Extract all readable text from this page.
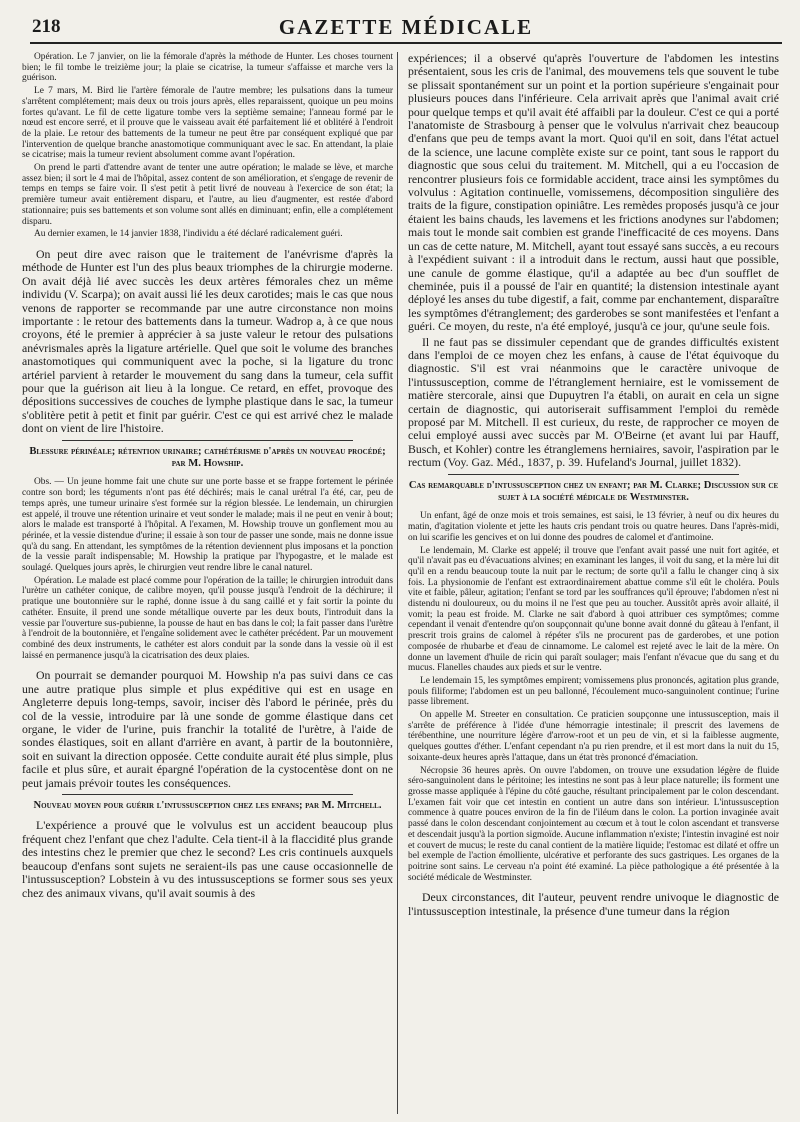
218	GAZETTE MÉDICALE

Opération. Le 7 janvier, on lie la fémorale d'après la méthode de Hunter. Les choses tournent bien; le fil tombe le treizième jour; la plaie se cicatrise, la tumeur s'affaisse et marche vers la guérison.

Le 7 mars, M. Bird lie l'artère fémorale de l'autre membre; les pulsations dans la tumeur s'arrêtent complétement; mais deux ou trois jours après, elles reparaissent, quoique un peu moins fortes qu'avant. Le fil de cette ligature tombe vers la septième semaine; l'anneau formé par le nœud est encore serré, et il prouve que le vaisseau avait été parfaitement lié et oblitéré à l'endroit de la plaie. Le retour des battements de la tumeur ne peut être par conséquent expliqué que par l'intervention de quelque branche anastomotique communiquant avec le sac. En attendant, la plaie se cicatrise; mais la tumeur revient absolument comme avant l'opération.

On prend le parti d'attendre avant de tenter une autre opération; le malade se lève, et marche assez bien; il sort le 4 mai de l'hôpital, assez content de son amélioration, et s'engage de revenir de temps en temps se faire voir. Il s'est petit à petit livré de nouveau à l'exercice de son état; la première tumeur avait entièrement disparu, et l'autre, au lieu d'augmenter, est restée d'abord stationnaire; puis ses battements et son volume sont allés en diminuant; enfin, elle a complétement disparu.

Au dernier examen, le 14 janvier 1838, l'individu a été déclaré radicalement guéri.

On peut dire avec raison que le traitement de l'anévrisme d'après la méthode de Hunter est l'un des plus beaux triomphes de la chirurgie moderne. On avait déjà lié avec succès les deux artères fémorales chez un même individu (V. Scarpa); on avait aussi lié les deux carotides; mais le cas que nous venons de rapporter se recommande par une autre circonstance non moins importante : le retour des battements dans la tumeur. Wadrop a, à ce que nous croyons, été le premier à apprécier à sa juste valeur le retour des pulsations anévrismales après la ligature artérielle. Quel que soit le volume des branches anastomotiques qui communiquent avec la poche, si la ligature du tronc artériel parvient à retarder le mouvement du sang dans la tumeur, cela suffit pour que la guérison ait lieu à la longue. Ce retard, en effet, provoque des dépositions successives de couches de lymphe plastique dans le sac, la tumeur s'oblitère petit à petit et finit par guérir. C'est ce qui est arrivé chez le malade dont on vient de lire l'histoire.

Blessure périnéale; rétention urinaire; cathétérisme d'après un nouveau procédé; par M. Howship.

Obs. — Un jeune homme fait une chute sur une porte basse et se frappe fortement le périnée contre son bord; les téguments n'ont pas été déchirés; mais le canal urétral l'a été, car, peu de temps après, une tumeur urinaire s'est formée sur la région blessée. Le lendemain, un chirurgien est appelé, il trouve une rétention urinaire et veut sonder le malade; mais il ne peut en venir à bout; alors le malade est transporté à l'hôpital. A l'examen, M. Howship trouve un gonflement mou au périnée, et la vessie distendue d'urine; il essaie à son tour de passer une sonde, mais ne donne issue qu'à du sang. En attendant, les symptômes de la rétention deviennent plus imposans et la ponction de la vessie paraît indispensable; M. Howship la pratique par l'hypogastre, et le malade est soulagé. Quelques jours après, le chirurgien veut rendre libre le canal naturel.

Opération. Le malade est placé comme pour l'opération de la taille; le chirurgien introduit dans l'urètre un cathéter conique, de calibre moyen, qu'il pousse jusqu'à l'endroit de la déchirure; il pratique une boutonnière sur le raphé, donne issue à du sang caillé et y fait sortir la pointe du cathéter. Ensuite, il prend une sonde métallique ouverte par les deux bouts, l'introduit dans la vessie par l'ouverture sus-pubienne, la pousse de haut en bas dans le col; la fait passer dans l'urètre à l'endroit de la boutonnière, et l'engaîne solidement avec le cathéter précédent. Par un mouvement combiné des deux instruments, le cathéter est alors conduit par la sonde dans la vessie où il est laissé en permanence jusqu'à la cicatrisation des deux plaies.

On pourrait se demander pourquoi M. Howship n'a pas suivi dans ce cas une autre pratique plus simple et plus expéditive qui est en usage en Angleterre depuis long-temps, savoir, inciser dès l'abord le périnée, près du col de la vessie, introduire par là une sonde de gomme élastique dans cet organe, le vider de l'urine, puis franchir la totalité de l'urètre, à l'aide de sondes élastiques, soit en allant d'arrière en avant, à partir de la boutonnière, soit en suivant la direction opposée. Cette conduite aurait été plus simple, plus facile et plus sûre, et aurait épargné l'opération de la cystocentèse dont on ne peut jamais prévoir toutes les conséquences.

Nouveau moyen pour guérir l'intussusception chez les enfans; par M. Mitchell.

L'expérience a prouvé que le volvulus est un accident beaucoup plus fréquent chez l'enfant que chez l'adulte. Cela tient-il à la flaccidité plus grande des intestins chez le premier que chez le second? Les cris continuels auxquels beaucoup d'enfans sont sujets ne seraient-ils pas une cause occasionnelle de l'intussusception? Lobstein à vu des intussusceptions se former sous ses yeux chez des animaux vivans, qu'il avait soumis à des

expériences; il a observé qu'après l'ouverture de l'abdomen les intestins présentaient, sous les cris de l'animal, des mouvemens tels que souvent le tube se plissait spontanément sur un point et la portion supérieure s'engainait pour plusieurs pouces dans l'inférieure. Cela arrivait après que l'animal avait crié pour quelque temps et qu'il avait été affaibli par la douleur. C'est ce qui a porté l'anatomiste de Strasbourg à penser que le volvulus n'arrivait chez beaucoup d'enfans que peu de temps avant la mort. Quoi qu'il en soit, dans l'état actuel de la science, une lacune complète existe sur ce point, tant sous le rapport du diagnostic que sous celui du traitement. M. Mitchell, qui a eu l'occasion de rencontrer plusieurs fois ce formidable accident, trace ainsi les symptômes du volvulus : Agitation continuelle, vomissemens, décomposition singulière des traits de la figure, constipation opiniâtre. Les remèdes proposés jusqu'à ce jour étaient les bains chauds, les lavemens et les frictions anodynes sur l'abdomen; mais tout le monde sait combien est grande l'inefficacité de ces moyens. Dans un cas de cette nature, M. Mitchell, ayant tout essayé sans succès, a eu recours à l'expédient suivant : il a introduit dans le rectum, aussi haut que possible, une canule de gomme élastique, qu'il a adaptée au bec d'un soufflet de cheminée, puis il a poussé de l'air en quantité; la distension intestinale ayant déployé les anses du tube digestif, a fait, comme par enchantement, disparaître les symptômes d'étranglement; des garderobes se sont manifestées et l'enfant a guéri. Ce moyen, du reste, n'a été employé, jusqu'à ce jour, qu'une seule fois.

Il ne faut pas se dissimuler cependant que de grandes difficultés existent dans l'emploi de ce moyen chez les enfans, à cause de l'état équivoque du diagnostic. S'il est vrai néanmoins que le caractère univoque de l'intussusception, comme de l'étranglement herniaire, est le vomissement de matière stercorale, ainsi que Dupuytren l'a établi, on aurait en cela un signe certain de diagnostic, qui autoriserait suffisamment l'emploi du remède proposé par M. Mitchell. Il est curieux, du reste, de rapprocher ce moyen de celui employé aussi avec succès par M. O'Beirne (et avant lui par Hauff, Busch, et Kohler) contre les étranglemens herniaires, savoir, l'aspiration par le rectum (Voy. Gaz. Méd., 1837, p. 39. Hufeland's Journal, juillet 1832).

Cas remarquable d'intussusception chez un enfant; par M. Clarke; Discussion sur ce sujet à la société médicale de Westminster.

Un enfant, âgé de onze mois et trois semaines, est saisi, le 13 février, à neuf ou dix heures du matin, d'agitation violente et jette les hauts cris pendant trois ou quatre heures. Dans l'après-midi, on lui scarifie les gencives et on lui donne des poudres de calomel et d'antimoine.

Le lendemain, M. Clarke est appelé; il trouve que l'enfant avait passé une nuit fort agitée, et qu'il n'avait pas eu d'évacuations alvines; en examinant les langes, il voit du sang, et la mère lui dit qu'il en a rendu beaucoup toute la nuit par le rectum; de sorte qu'il a fallu le changer cinq à six fois. La physionomie de l'enfant est extraordinairement abattue comme s'il eût le choléra. Pouls vite et faible, pâleur, agitation; l'enfant se tord par les souffrances qu'il éprouve; l'abdomen n'est ni distendu ni douloureux, ou du moins il ne l'est que peu au toucher. Aussitôt après avoir allaité, il vomit; la peau est froide. M. Clarke ne sait d'abord à quoi attribuer ces symptômes; comme cependant il venait d'entendre qu'on soupçonnait qu'une bonne avait donné du gâteau à l'enfant, il prescrit trois grains de calomel à répéter s'ils ne procurent pas de garderobes, et une potion composée de rhubarbe et d'eau de cinnamome. Le calomel est rejeté avec le lait de la mère. On donne un lavement d'huile de ricin qui paraît soulager; mais l'enfant n'évacue que du sang et du mucus. Flanelles chaudes aux pieds et sur le ventre.

Le lendemain 15, les symptômes empirent; vomissemens plus prononcés, agitation plus grande, pouls filiforme; l'abdomen est un peu ballonné, l'écoulement muco-sanguinolent continue; l'urine passe librement.

On appelle M. Streeter en consultation. Ce praticien soupçonne une intussusception, mais il s'arrête de préférence à l'idée d'une hémorragie intestinale; il prescrit des lavemens de térébenthine, une nourriture légère d'arrow-root et un peu de vin, et si la faiblesse augmente, quelques gouttes d'éther. L'enfant cependant n'a pu rien prendre, et il est mort dans la nuit du 15, soixante-deux heures après l'attaque, dans un état très prononcé d'émaciation.

Nécropsie 36 heures après. On ouvre l'abdomen, on trouve une exsudation légère de fluide séro-sanguinolent dans le péritoine; les intestins ne sont pas à leur place naturelle; ils forment une grosse masse appliquée à l'épine du côté gauche, résultant principalement par le colon descendant. L'examen fait voir que cet intestin en contient un autre dans son intérieur. L'intussusception commence à quatre pouces environ de la fin de l'iléum dans le colon. La portion invaginée avait passé dans le colon descendant conjointement au cœcum et à tout le colon ascendant et transverse et descendait jusqu'à la portion sigmoïde. Aucune inflammation n'existe; l'intestin invaginé est noir et couvert de mucus; le reste du canal contient de la matière liquide; l'estomac est dilaté et offre un bel exemple de l'action émolliente, ulcérative et perforante des sucs gastriques. Les organes de la poitrine sont sains. Le cerveau n'a point été examiné. La pièce pathologique a été présentée à la société médicale de Westminster.

Deux circonstances, dit l'auteur, peuvent rendre univoque le diagnostic de l'intussusception intestinale, la présence d'une tumeur dans la région
